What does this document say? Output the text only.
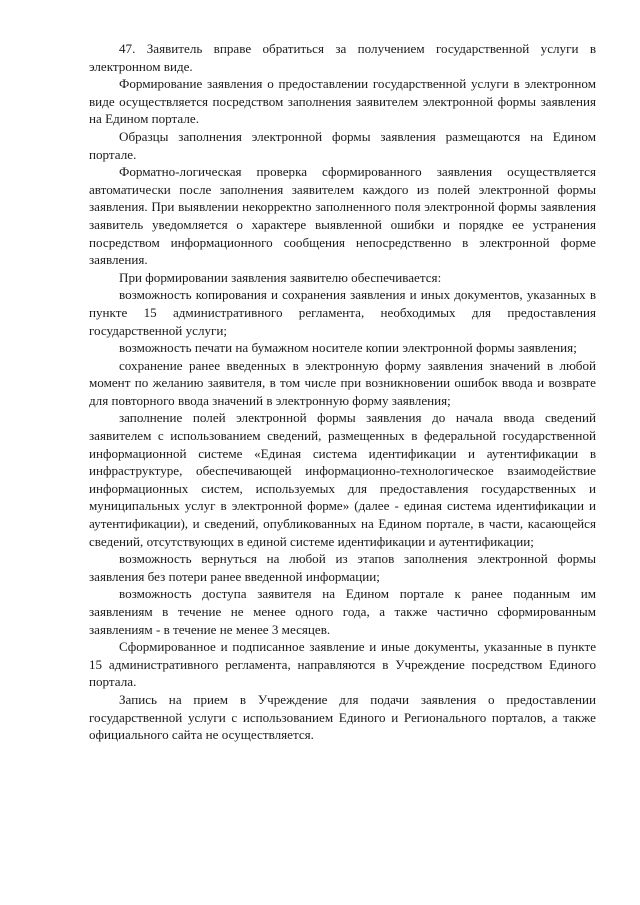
47. Заявитель вправе обратиться за получением государственной услуги в электронном виде.

Формирование заявления о предоставлении государственной услуги в электронном виде осуществляется посредством заполнения заявителем электронной формы заявления на Едином портале.

Образцы заполнения электронной формы заявления размещаются на Едином портале.

Форматно-логическая проверка сформированного заявления осуществляется автоматически после заполнения заявителем каждого из полей электронной формы заявления. При выявлении некорректно заполненного поля электронной формы заявления заявитель уведомляется о характере выявленной ошибки и порядке ее устранения посредством информационного сообщения непосредственно в электронной форме заявления.

При формировании заявления заявителю обеспечивается:

возможность копирования и сохранения заявления и иных документов, указанных в пункте 15 административного регламента, необходимых для предоставления государственной услуги;

возможность печати на бумажном носителе копии электронной формы заявления;

сохранение ранее введенных в электронную форму заявления значений в любой момент по желанию заявителя, в том числе при возникновении ошибок ввода и возврате для повторного ввода значений в электронную форму заявления;

заполнение полей электронной формы заявления до начала ввода сведений заявителем с использованием сведений, размещенных в федеральной государственной информационной системе «Единая система идентификации и аутентификации в инфраструктуре, обеспечивающей информационно-технологическое взаимодействие информационных систем, используемых для предоставления государственных и муниципальных услуг в электронной форме» (далее - единая система идентификации и аутентификации), и сведений, опубликованных на Едином портале, в части, касающейся сведений, отсутствующих в единой системе идентификации и аутентификации;

возможность вернуться на любой из этапов заполнения электронной формы заявления без потери ранее введенной информации;

возможность доступа заявителя на Едином портале к ранее поданным им заявлениям в течение не менее одного года, а также частично сформированным заявлениям - в течение не менее 3 месяцев.

Сформированное и подписанное заявление и иные документы, указанные в пункте 15 административного регламента, направляются в Учреждение посредством Единого портала.

Запись на прием в Учреждение для подачи заявления о предоставлении государственной услуги с использованием Единого и Регионального порталов, а также официального сайта не осуществляется.
